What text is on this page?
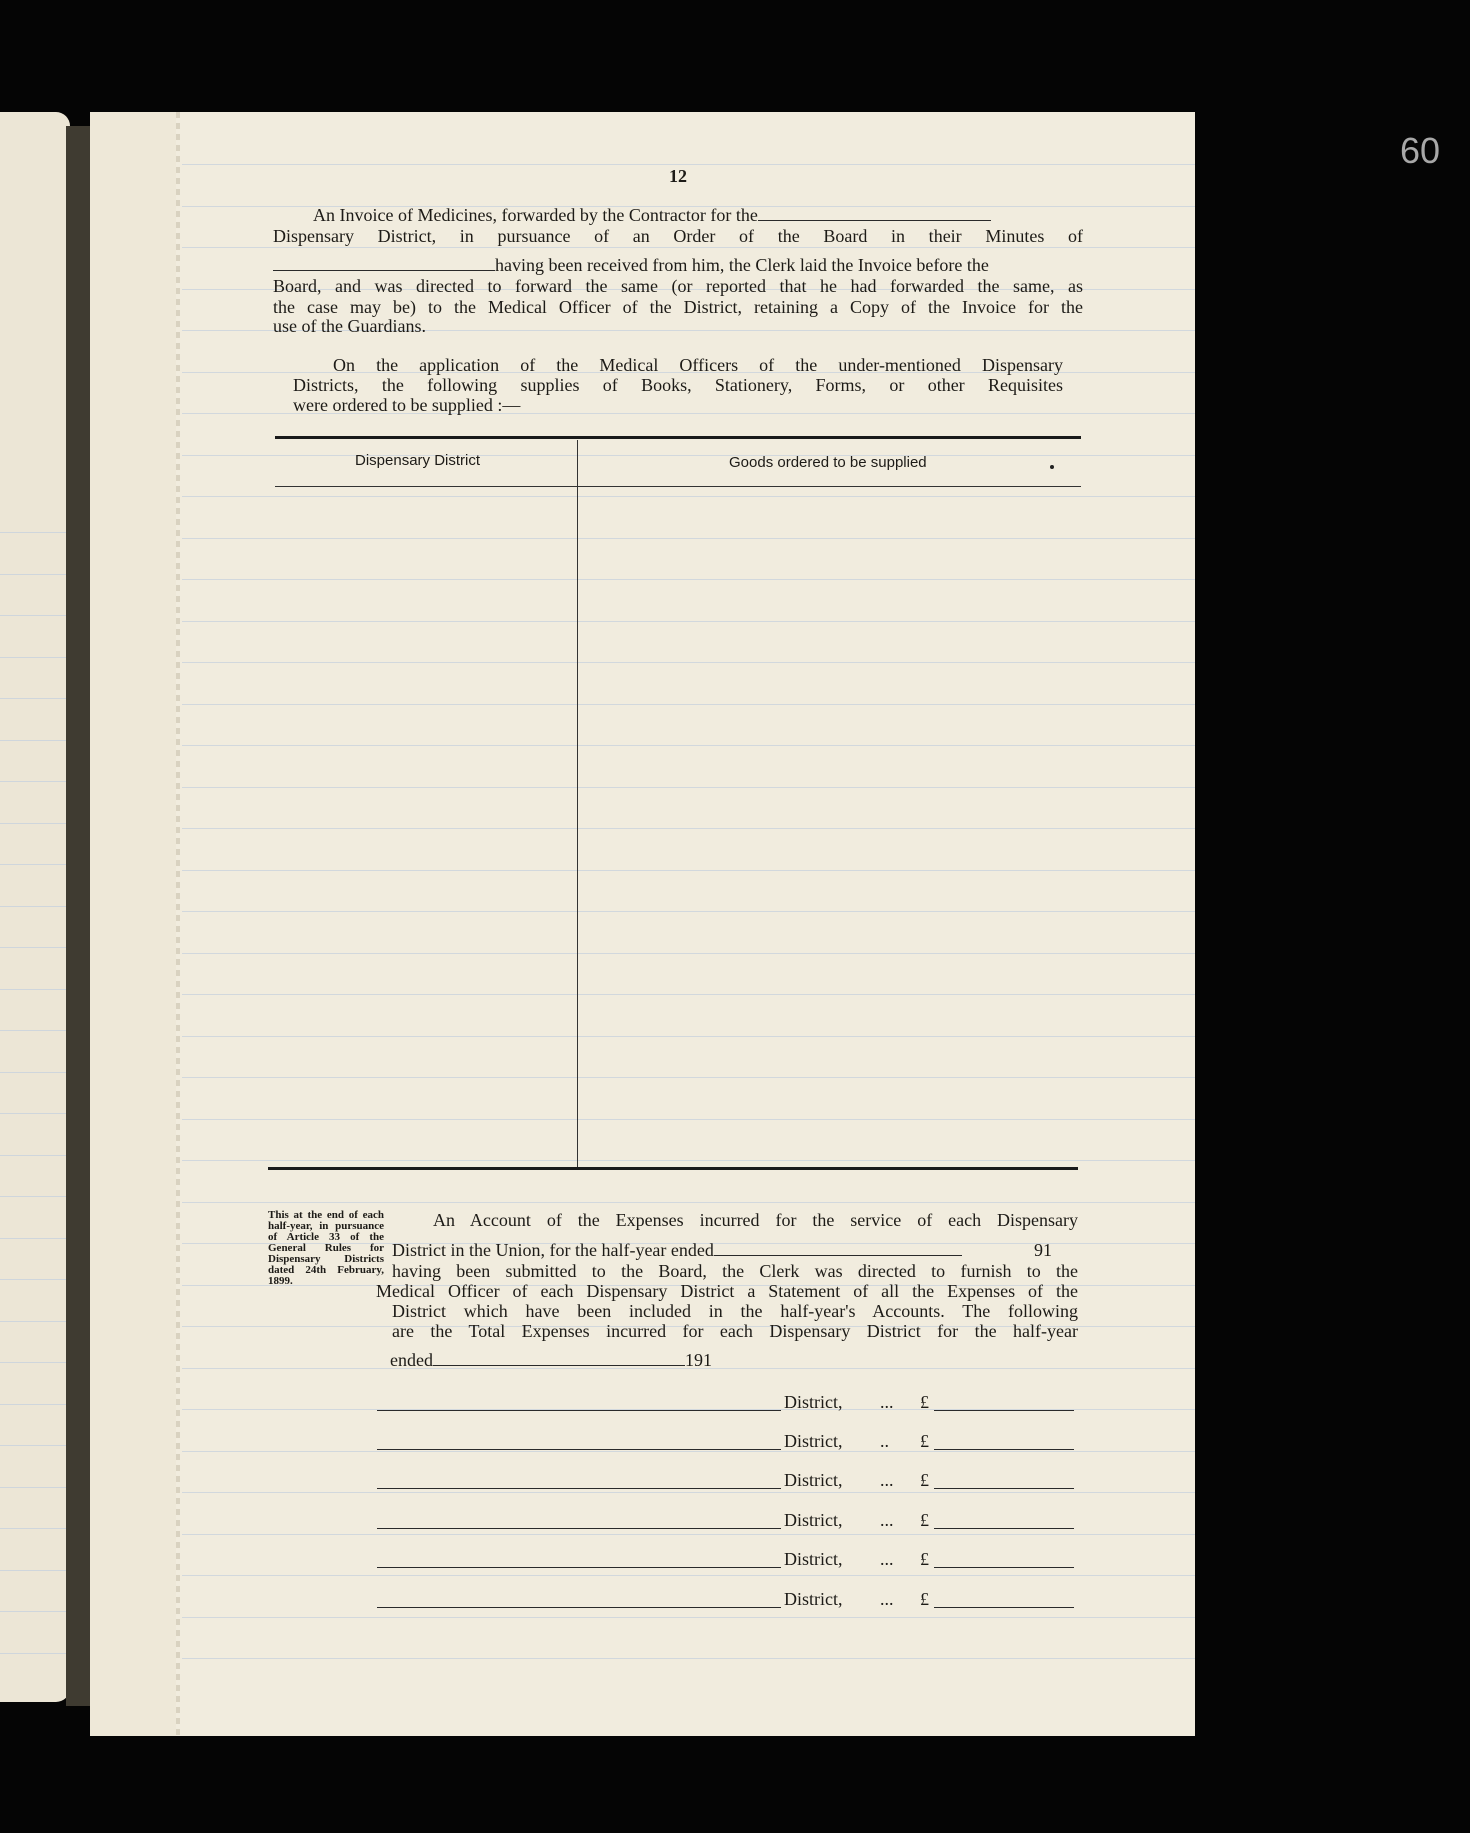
60
12
An Invoice of Medicines, forwarded by the Contractor for the
Dispensary District, in pursuance of an Order of the Board in their Minutes of
having been received from him, the Clerk laid the Invoice before the
Board, and was directed to forward the same (or reported that he had forwarded the same, as
the case may be) to the Medical Officer of the District, retaining a Copy of the Invoice for the
use of the Guardians.
On the application of the Medical Officers of the under-mentioned Dispensary
Districts, the following supplies of Books, Stationery, Forms, or other Requisites
were ordered to be supplied :—
Dispensary District	Goods ordered to be supplied
This at the end of each half-year, in pursuance of Article 33 of the General Rules for Dispensary Districts dated 24th February, 1899.
An Account of the Expenses incurred for the service of each Dispensary
District in the Union, for the half-year ended	91
having been submitted to the Board, the Clerk was directed to furnish to the
Medical Officer of each Dispensary District a Statement of all the Expenses of the
District which have been included in the half-year's Accounts. The following
are the Total Expenses incurred for each Dispensary District for the half-year
ended	191
District, ... £
District, .. £
District, ... £
District, ... £
District, ... £
District, ... £
